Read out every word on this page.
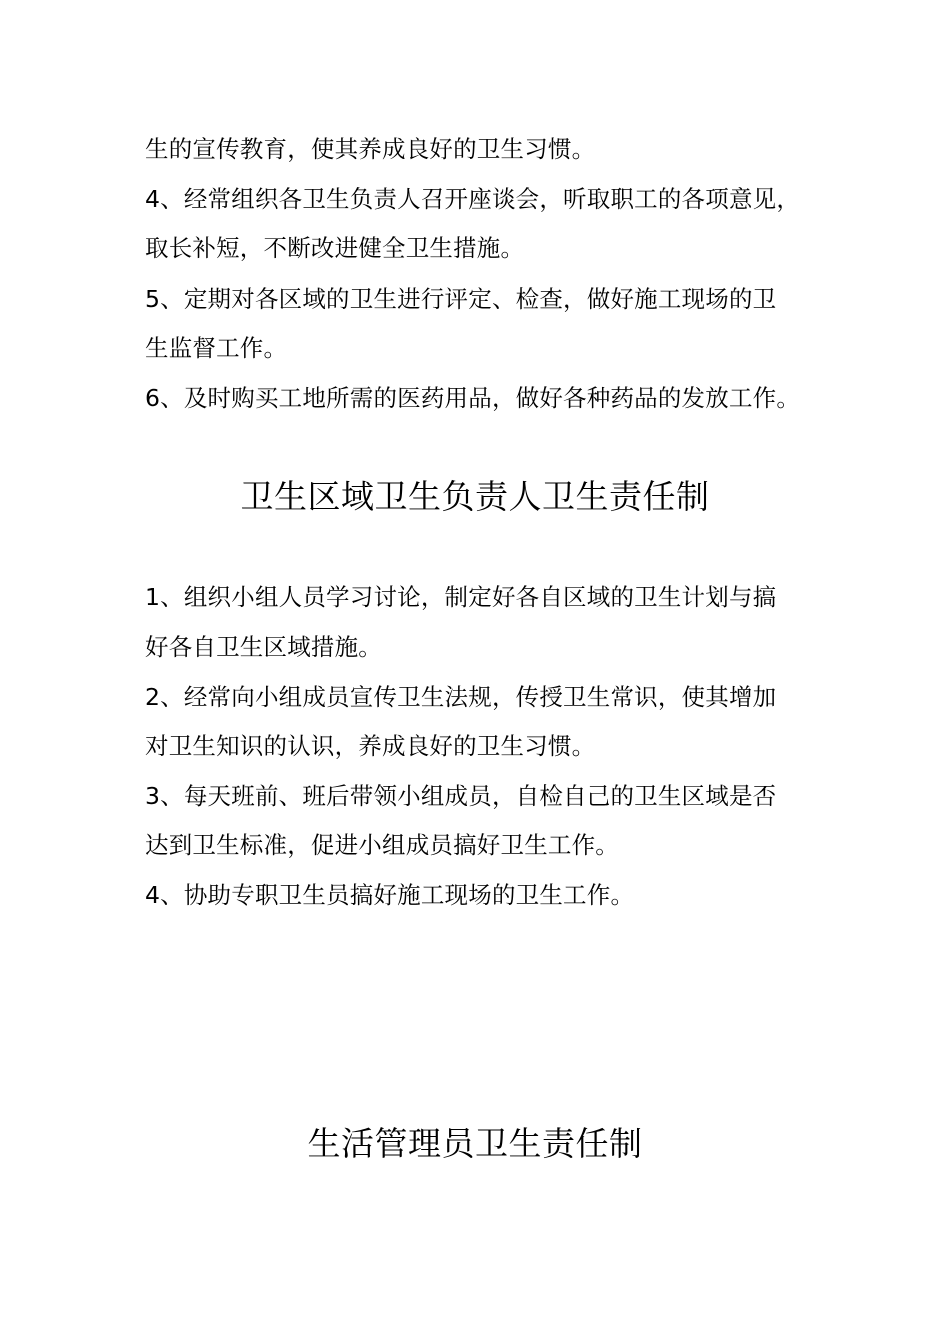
生的宣传教育，使其养成良好的卫生习惯。
4、经常组织各卫生负责人召开座谈会，听取职工的各项意见，
取长补短，不断改进健全卫生措施。
5、定期对各区域的卫生进行评定、检查，做好施工现场的卫
生监督工作。
6、及时购买工地所需的医药用品，做好各种药品的发放工作。
卫生区域卫生负责人卫生责任制
1、组织小组人员学习讨论，制定好各自区域的卫生计划与搞
好各自卫生区域措施。
2、经常向小组成员宣传卫生法规，传授卫生常识，使其增加
对卫生知识的认识，养成良好的卫生习惯。
3、每天班前、班后带领小组成员，自检自己的卫生区域是否
达到卫生标准，促进小组成员搞好卫生工作。
4、协助专职卫生员搞好施工现场的卫生工作。
生活管理员卫生责任制
